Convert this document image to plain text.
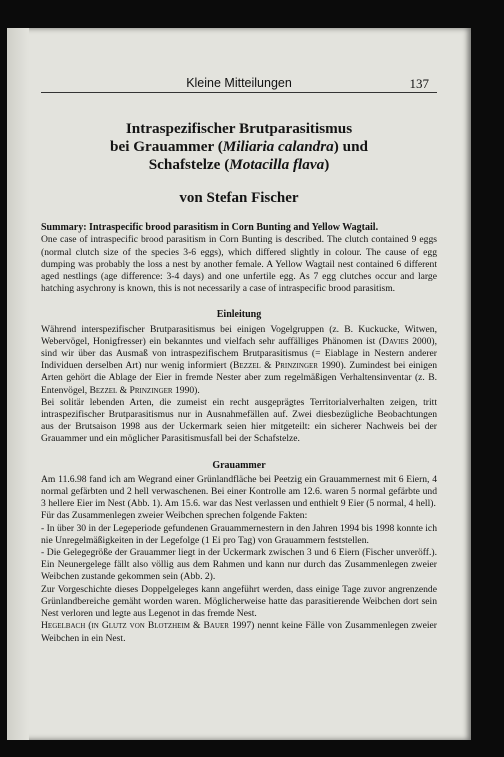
Kleine Mitteilungen	137

Intraspezifischer Brutparasitismus
bei Grauammer (Miliaria calandra) und
Schafstelze (Motacilla flava)

von Stefan Fischer

Summary: Intraspecific brood parasitism in Corn Bunting and Yellow Wagtail.

One case of intraspecific brood parasitism in Corn Bunting is described. The clutch contained 9 eggs (normal clutch size of the species 3-6 eggs), which differed slightly in colour. The cause of egg dumping was probably the loss a nest by another female. A Yellow Wagtail nest contained 6 different aged nestlings (age difference: 3-4 days) and one unfertile egg. As 7 egg clutches occur and large hatching asychrony is known, this is not necessarily a case of intraspecific brood parasitism.

Einleitung

Während interspezifischer Brutparasitismus bei einigen Vogelgruppen (z. B. Kuckucke, Witwen, Webervögel, Honigfresser) ein bekanntes und vielfach sehr auffälliges Phänomen ist (Davies 2000), sind wir über das Ausmaß von intraspezifischem Brutparasitismus (= Eiablage in Nestern anderer Individuen derselben Art) nur wenig informiert (Bezzel & Prinzinger 1990). Zumindest bei einigen Arten gehört die Ablage der Eier in fremde Nester aber zum regelmäßigen Verhaltensinventar (z. B. Entenvögel, Bezzel & Prinzinger 1990).

Bei solitär lebenden Arten, die zumeist ein recht ausgeprägtes Territorialverhalten zeigen, tritt intraspezifischer Brutparasitismus nur in Ausnahmefällen auf. Zwei diesbezügliche Beobachtungen aus der Brutsaison 1998 aus der Uckermark seien hier mitgeteilt: ein sicherer Nachweis bei der Grauammer und ein möglicher Parasitismusfall bei der Schafstelze.

Grauammer

Am 11.6.98 fand ich am Wegrand einer Grünlandfläche bei Peetzig ein Grauammernest mit 6 Eiern, 4 normal gefärbten und 2 hell verwaschenen. Bei einer Kontrolle am 12.6. waren 5 normal gefärbte und 3 hellere Eier im Nest (Abb. 1). Am 15.6. war das Nest verlassen und enthielt 9 Eier (5 normal, 4 hell).

Für das Zusammenlegen zweier Weibchen sprechen folgende Fakten:

- In über 30 in der Legeperiode gefundenen Grauammernestern in den Jahren 1994 bis 1998 konnte ich nie Unregelmäßigkeiten in der Legefolge (1 Ei pro Tag) von Grauammern feststellen.

- Die Gelegegröße der Grauammer liegt in der Uckermark zwischen 3 und 6 Eiern (Fischer unveröff.). Ein Neunergelege fällt also völlig aus dem Rahmen und kann nur durch das Zusammenlegen zweier Weibchen zustande gekommen sein (Abb. 2).

Zur Vorgeschichte dieses Doppelgeleges kann angeführt werden, dass einige Tage zuvor angrenzende Grünlandbereiche gemäht worden waren. Möglicherweise hatte das parasitierende Weibchen dort sein Nest verloren und legte aus Legenot in das fremde Nest.

Hegelbach (in Glutz von Blotzheim & Bauer 1997) nennt keine Fälle von Zusammenlegen zweier Weibchen in ein Nest.
